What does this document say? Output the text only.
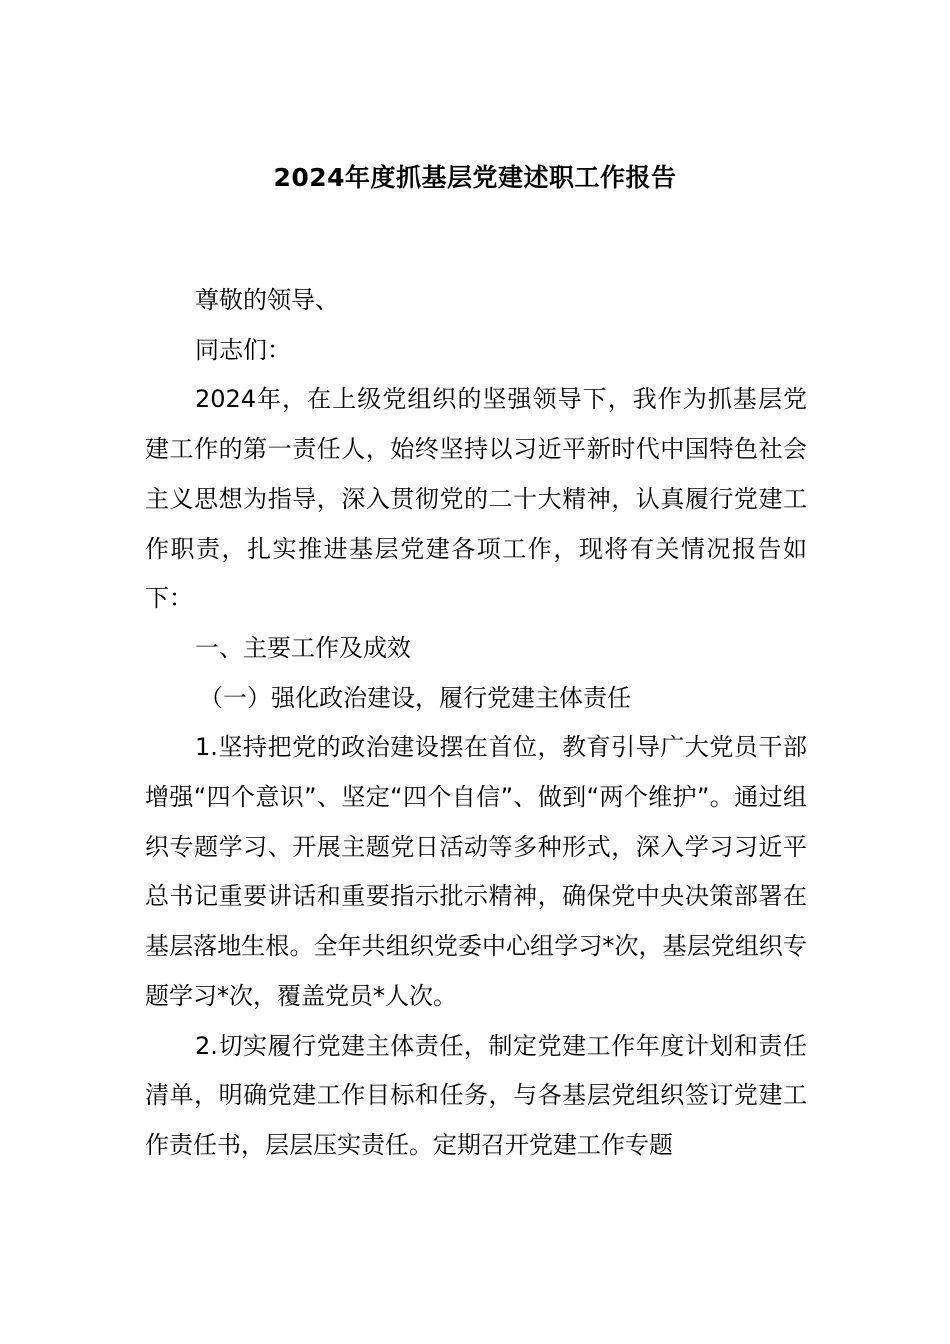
2024年度抓基层党建述职工作报告

尊敬的领导、

同志们：

2024年，在上级党组织的坚强领导下，我作为抓基层党建工作的第一责任人，始终坚持以习近平新时代中国特色社会主义思想为指导，深入贯彻党的二十大精神，认真履行党建工作职责，扎实推进基层党建各项工作，现将有关情况报告如下：

一、主要工作及成效

（一）强化政治建设，履行党建主体责任

1.坚持把党的政治建设摆在首位，教育引导广大党员干部增强“四个意识”、坚定“四个自信”、做到“两个维护”。通过组织专题学习、开展主题党日活动等多种形式，深入学习习近平总书记重要讲话和重要指示批示精神，确保党中央决策部署在基层落地生根。全年共组织党委中心组学习*次，基层党组织专题学习*次，覆盖党员*人次。

2.切实履行党建主体责任，制定党建工作年度计划和责任清单，明确党建工作目标和任务，与各基层党组织签订党建工作责任书，层层压实责任。定期召开党建工作专题
